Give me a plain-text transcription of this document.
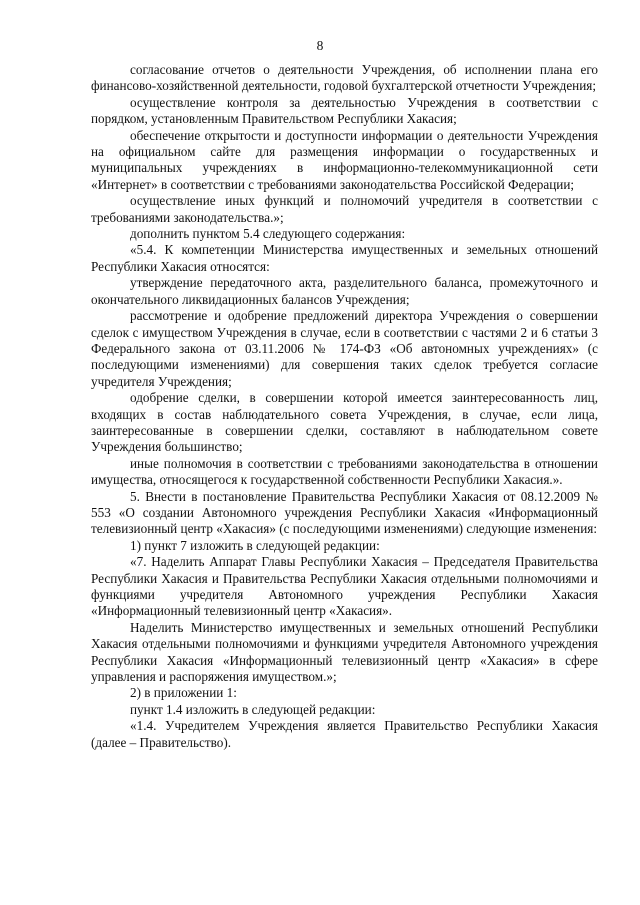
8

согласование отчетов о деятельности Учреждения, об исполнении плана его финансово-хозяйственной деятельности, годовой бухгалтерской отчетности Учреждения;

осуществление контроля за деятельностью Учреждения в соответствии с порядком, установленным Правительством Республики Хакасия;

обеспечение открытости и доступности информации о деятельности Учреждения на официальном сайте для размещения информации о государственных и муниципальных учреждениях в информационно-телекоммуникационной сети «Интернет» в соответствии с требованиями законодательства Российской Федерации;

осуществление иных функций и полномочий учредителя в соответствии с требованиями законодательства.»;

дополнить пунктом 5.4 следующего содержания:

«5.4. К компетенции Министерства имущественных и земельных отношений Республики Хакасия относятся:

утверждение передаточного акта, разделительного баланса, промежуточного и окончательного ликвидационных балансов Учреждения;

рассмотрение и одобрение предложений директора Учреждения о совершении сделок с имуществом Учреждения в случае, если в соответствии с частями 2 и 6 статьи 3 Федерального закона от 03.11.2006 № 174-ФЗ «Об автономных учреждениях» (с последующими изменениями) для совершения таких сделок требуется согласие учредителя Учреждения;

одобрение сделки, в совершении которой имеется заинтересованность лиц, входящих в состав наблюдательного совета Учреждения, в случае, если лица, заинтересованные в совершении сделки, составляют в наблюдательном совете Учреждения большинство;

иные полномочия в соответствии с требованиями законодательства в отношении имущества, относящегося к государственной собственности Республики Хакасия.».

5. Внести в постановление Правительства Республики Хакасия от 08.12.2009 № 553 «О создании Автономного учреждения Республики Хакасия «Информационный телевизионный центр «Хакасия» (с последующими изменениями) следующие изменения:

1) пункт 7 изложить в следующей редакции:

«7. Наделить Аппарат Главы Республики Хакасия – Председателя Правительства Республики Хакасия и Правительства Республики Хакасия отдельными полномочиями и функциями учредителя Автономного учреждения Республики Хакасия «Информационный телевизионный центр «Хакасия».

Наделить Министерство имущественных и земельных отношений Республики Хакасия отдельными полномочиями и функциями учредителя Автономного учреждения Республики Хакасия «Информационный телевизионный центр «Хакасия» в сфере управления и распоряжения имуществом.»;

2) в приложении 1:

пункт 1.4 изложить в следующей редакции:

«1.4. Учредителем Учреждения является Правительство Республики Хакасия (далее – Правительство).
